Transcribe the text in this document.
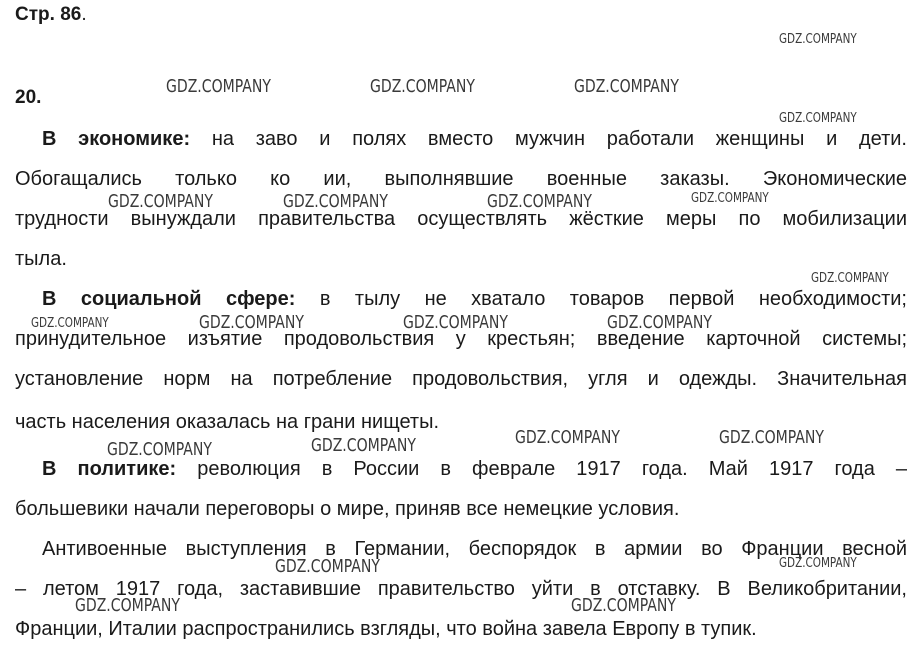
Стр. 86.
20.
В экономике: на заво и полях вместо мужчин работали женщины и дети.
Обогащались только ко ии, выполнявшие военные заказы. Экономические
трудности вынуждали правительства осуществлять жёсткие меры по мобилизации
тыла.
В социальной сфере: в тылу не хватало товаров первой необходимости;
принудительное изъятие продовольствия у крестьян; введение карточной системы;
установление норм на потребление продовольствия, угля и одежды. Значительная
часть населения оказалась на грани нищеты.
В политике: революция в России в феврале 1917 года. Май 1917 года –
большевики начали переговоры о мире, приняв все немецкие условия.
Антивоенные выступления в Германии, беспорядок в армии во Франции весной
– летом 1917 года, заставившие правительство уйти в отставку. В Великобритании,
Франции, Италии распространились взгляды, что война завела Европу в тупик.
GDZ.COMPANY
GDZ.COMPANY	GDZ.COMPANY	GDZ.COMPANY
GDZ.COMPANY
GDZ.COMPANY	GDZ.COMPANY	GDZ.COMPANY	GDZ.COMPANY
GDZ.COMPANY
GDZ.COMPANY	GDZ.COMPANY	GDZ.COMPANY	GDZ.COMPANY
GDZ.COMPANY	GDZ.COMPANY
GDZ.COMPANY	GDZ.COMPANY
GDZ.COMPANY
GDZ.COMPANY
GDZ.COMPANY	GDZ.COMPANY
